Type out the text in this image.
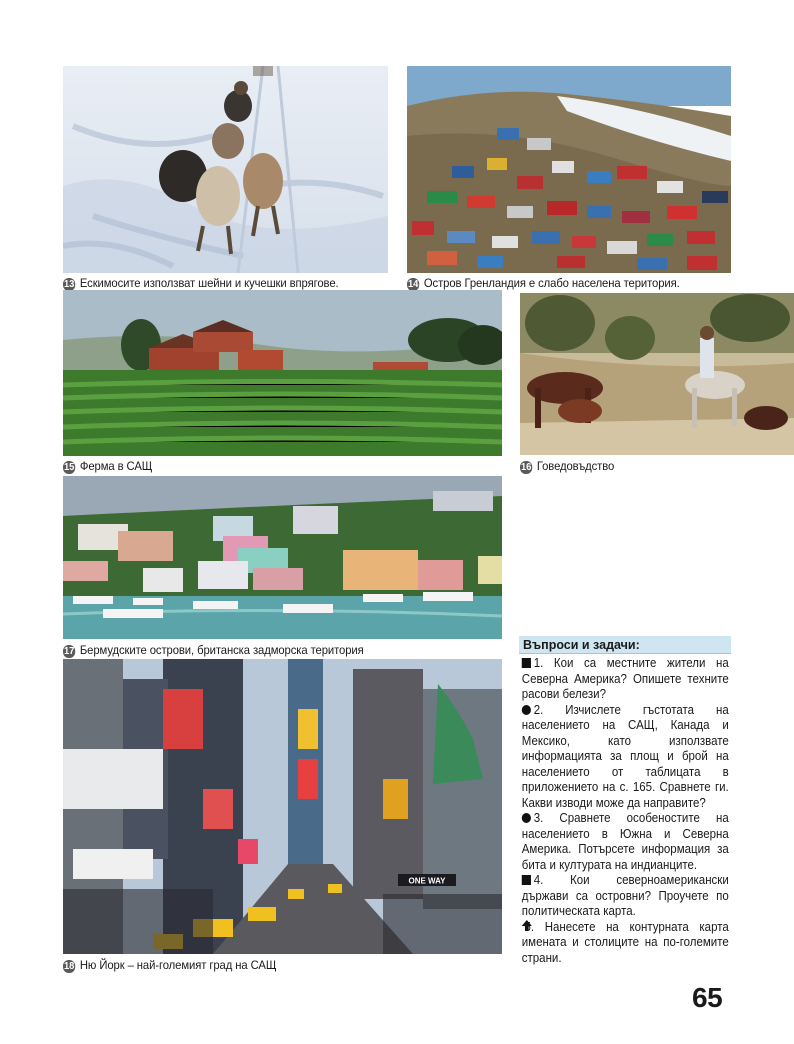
13 Ескимосите използват шейни и кучешки впрягове.	14 Остров Гренландия е слабо населена територия.
15 Ферма в САЩ	16 Говедовъдство
17 Бермудските острови, британска задморска територия
ONE WAY
18 Ню Йорк – най-големият град на САЩ
Въпроси и задачи:

1. Кои са местните жители на Северна Америка? Опишете техните расови белези?

2. Изчислете гъстотата на населението на САЩ, Канада и Мексико, като използвате информацията за площ и брой на населението от таблицата в приложението на с. 165. Сравнете ги. Какви изводи може да направите?

3. Сравнете особеностите на населението в Южна и Северна Америка. Потърсете информация за бита и културата на индианците.

4. Кои северноамерикански държави са островни? Проучете по политическата карта.

5. Нанесете на контурната карта имената и столиците на по-големите страни.

65
